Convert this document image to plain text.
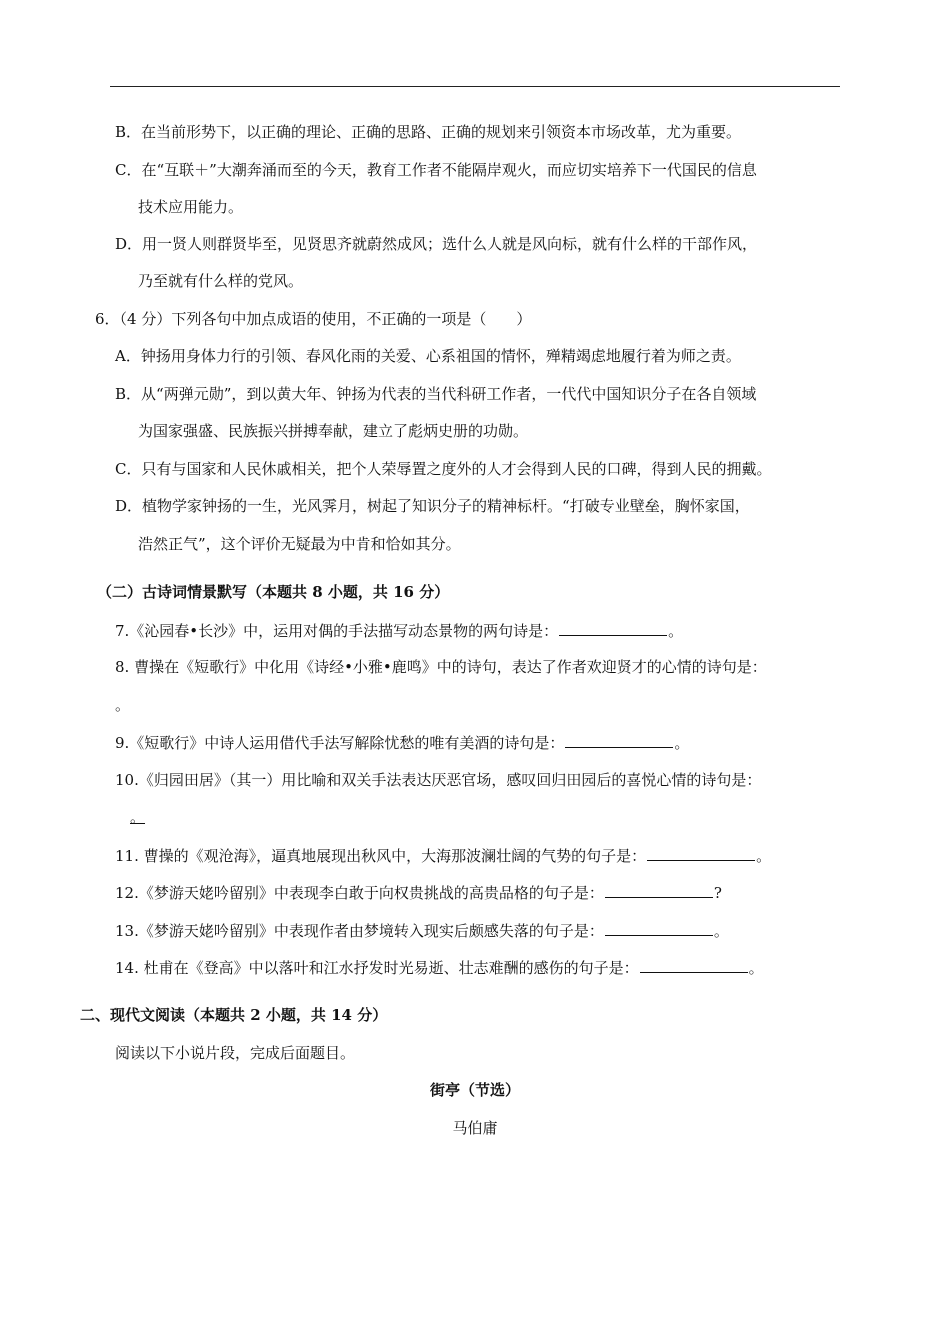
B．在当前形势下，以正确的理论、正确的思路、正确的规划来引领资本市场改革，尤为重要。
C．在“互联＋”大潮奔涌而至的今天，教育工作者不能隔岸观火，而应切实培养下一代国民的信息
技术应用能力。
D．用一贤人则群贤毕至，见贤思齐就蔚然成风；选什么人就是风向标，就有什么样的干部作风，
乃至就有什么样的党风。
6．（4 分）下列各句中加点成语的使用，不正确的一项是（　　）
A．钟扬用身体力行的引领、春风化雨的关爱、心系祖国的情怀，殚精竭虑地履行着为师之责。
B．从“两弹元勋”，到以黄大年、钟扬为代表的当代科研工作者，一代代中国知识分子在各自领域
为国家强盛、民族振兴拼搏奉献，建立了彪炳史册的功勋。
C．只有与国家和人民休戚相关，把个人荣辱置之度外的人才会得到人民的口碑，得到人民的拥戴。
D．植物学家钟扬的一生，光风霁月，树起了知识分子的精神标杆。“打破专业壁垒，胸怀家国，
浩然正气”，这个评价无疑最为中肯和恰如其分。
（二）古诗词情景默写（本题共 8 小题，共 16 分）
7.《沁园春•长沙》中，运用对偶的手法描写动态景物的两句诗是：	。
8. 曹操在《短歌行》中化用《诗经•小雅•鹿鸣》中的诗句，表达了作者欢迎贤才的心情的诗句是：
。
9.《短歌行》中诗人运用借代手法写解除忧愁的唯有美酒的诗句是：	。
10.《归园田居》（其一）用比喻和双关手法表达厌恶官场，感叹回归田园后的喜悦心情的诗句是：
。
11. 曹操的《观沧海》，逼真地展现出秋风中，大海那波澜壮阔的气势的句子是：	。
12.《梦游天姥吟留别》中表现李白敢于向权贵挑战的高贵品格的句子是：	?
13.《梦游天姥吟留别》中表现作者由梦境转入现实后颇感失落的句子是：	。
14. 杜甫在《登高》中以落叶和江水抒发时光易逝、壮志难酬的感伤的句子是：	。
二、现代文阅读（本题共 2 小题，共 14 分）
阅读以下小说片段，完成后面题目。
街亭（节选）
马伯庸
